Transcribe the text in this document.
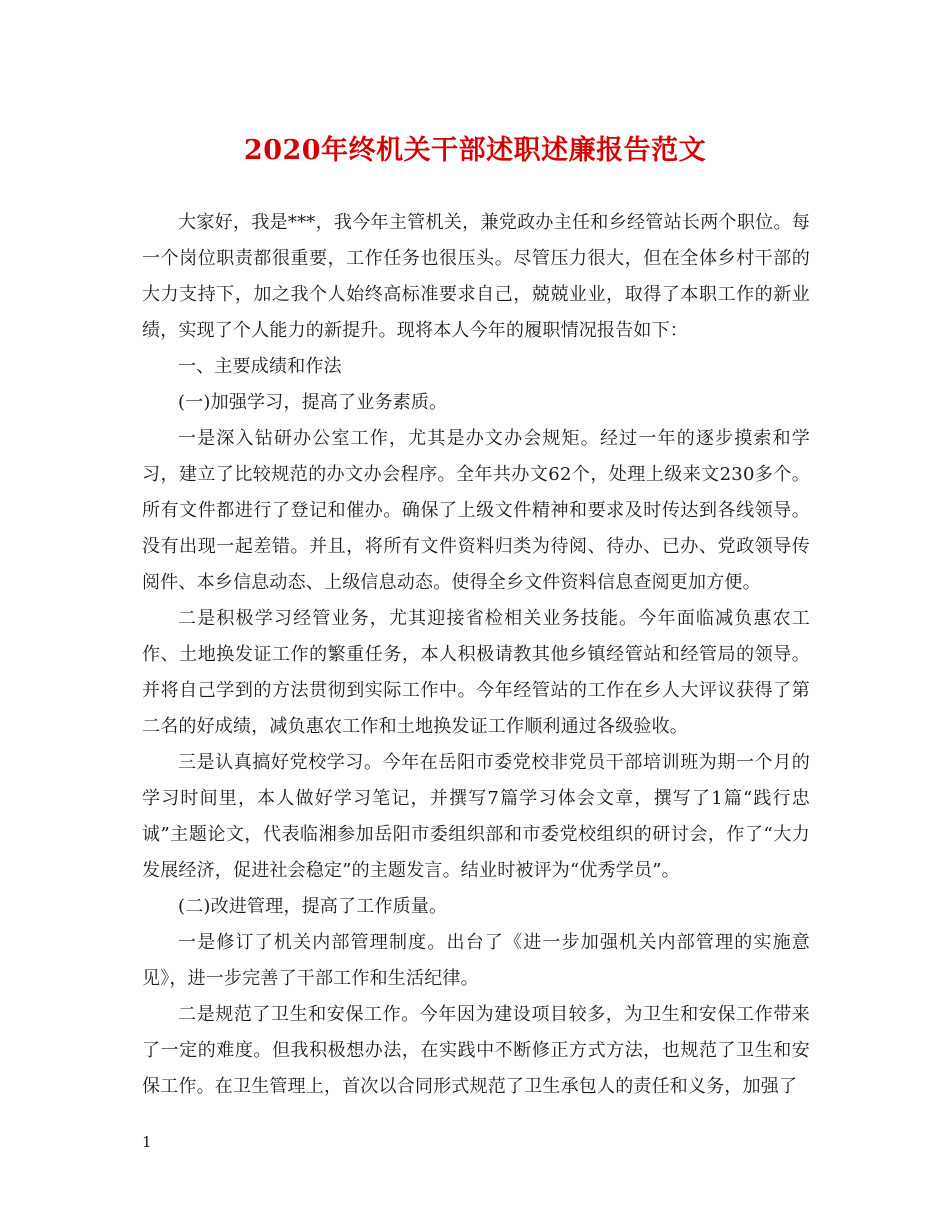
2020年终机关干部述职述廉报告范文

大家好，我是***，我今年主管机关，兼党政办主任和乡经管站长两个职位。每一个岗位职责都很重要，工作任务也很压头。尽管压力很大，但在全体乡村干部的大力支持下，加之我个人始终高标准要求自己，兢兢业业，取得了本职工作的新业绩，实现了个人能力的新提升。现将本人今年的履职情况报告如下：

一、主要成绩和作法

(一)加强学习，提高了业务素质。

一是深入钻研办公室工作，尤其是办文办会规矩。经过一年的逐步摸索和学习，建立了比较规范的办文办会程序。全年共办文62个，处理上级来文230多个。所有文件都进行了登记和催办。确保了上级文件精神和要求及时传达到各线领导。没有出现一起差错。并且，将所有文件资料归类为待阅、待办、已办、党政领导传阅件、本乡信息动态、上级信息动态。使得全乡文件资料信息查阅更加方便。

二是积极学习经管业务，尤其迎接省检相关业务技能。今年面临减负惠农工作、土地换发证工作的繁重任务，本人积极请教其他乡镇经管站和经管局的领导。并将自己学到的方法贯彻到实际工作中。今年经管站的工作在乡人大评议获得了第二名的好成绩，减负惠农工作和土地换发证工作顺利通过各级验收。

三是认真搞好党校学习。今年在岳阳市委党校非党员干部培训班为期一个月的学习时间里，本人做好学习笔记，并撰写7篇学习体会文章，撰写了1篇“践行忠诚”主题论文，代表临湘参加岳阳市委组织部和市委党校组织的研讨会，作了“大力发展经济，促进社会稳定”的主题发言。结业时被评为“优秀学员”。

(二)改进管理，提高了工作质量。

一是修订了机关内部管理制度。出台了《进一步加强机关内部管理的实施意见》，进一步完善了干部工作和生活纪律。

二是规范了卫生和安保工作。今年因为建设项目较多，为卫生和安保工作带来了一定的难度。但我积极想办法，在实践中不断修正方式方法，也规范了卫生和安保工作。在卫生管理上，首次以合同形式规范了卫生承包人的责任和义务，加强了

1
